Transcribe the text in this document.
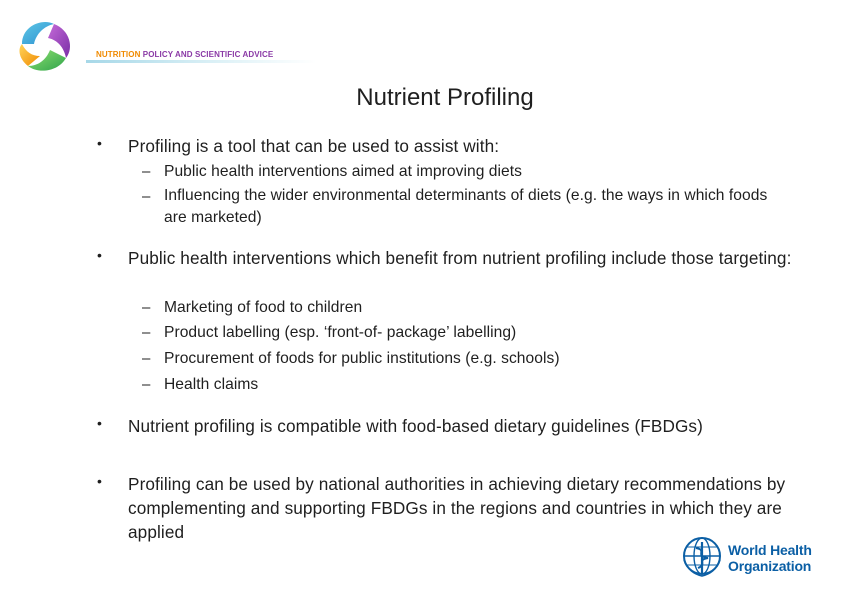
NUTRITION POLICY AND SCIENTIFIC ADVICE
Nutrient Profiling
• Profiling is a tool that can be used to assist with:
– Public health interventions aimed at improving diets
– Influencing the wider environmental determinants of diets (e.g. the ways in which foods are marketed)
• Public health interventions which benefit from nutrient profiling include those targeting:
– Marketing of food to children
– Product labelling (esp. ‘front-of- package’ labelling)
– Procurement of foods for public institutions (e.g. schools)
– Health claims
• Nutrient profiling is compatible with food-based dietary guidelines (FBDGs)
• Profiling can be used by national authorities in achieving dietary recommendations by complementing and supporting FBDGs in the regions and countries in which they are applied
World Health
Organization
